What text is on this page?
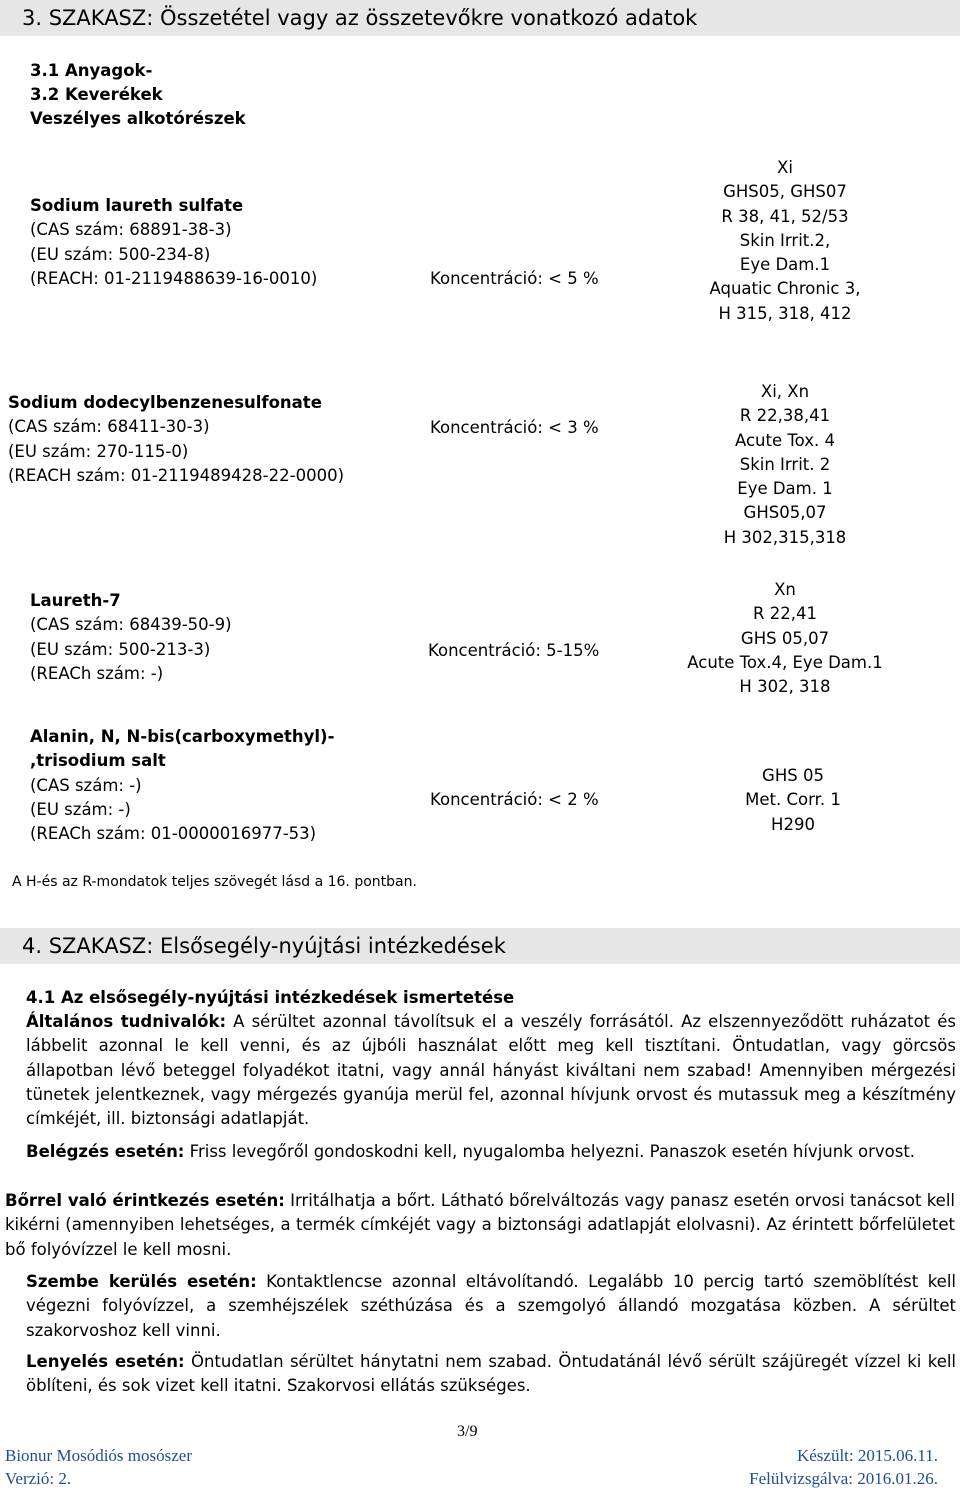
3. SZAKASZ: Összetétel vagy az összetevőkre vonatkozó adatok
3.1 Anyagok-
3.2 Keverékek
Veszélyes alkotórészek
Sodium laureth sulfate
(CAS szám: 68891-38-3)
(EU szám: 500-234-8)
(REACH: 01-2119488639-16-0010)	Koncentráció: < 5 %
Xi
GHS05, GHS07
R 38, 41, 52/53
Skin Irrit.2,
Eye Dam.1
Aquatic Chronic 3,
H 315, 318, 412
Sodium dodecylbenzenesulfonate
(CAS szám: 68411-30-3)
(EU szám: 270-115-0)
(REACH szám: 01-2119489428-22-0000)
Koncentráció: < 3 %
Xi, Xn
R 22,38,41
Acute Tox. 4
Skin Irrit. 2
Eye Dam. 1
GHS05,07
H 302,315,318
Laureth-7
(CAS szám: 68439-50-9)
(EU szám: 500-213-3)
(REACh szám: -)
Koncentráció: 5-15%
Xn
R 22,41
GHS 05,07
Acute Tox.4, Eye Dam.1
H 302, 318
Alanin, N, N-bis(carboxymethyl)-
,trisodium salt
(CAS szám: -)
(EU szám: -)
(REACh szám: 01-0000016977-53)
Koncentráció: < 2 %
GHS 05
Met. Corr. 1
H290
A H-és az R-mondatok teljes szövegét lásd a 16. pontban.
4. SZAKASZ: Elsősegély-nyújtási intézkedések
4.1 Az elsősegély-nyújtási intézkedések ismertetése
Általános tudnivalók: A sérültet azonnal távolítsuk el a veszély forrásától. Az elszennyeződött ruházatot és lábbelit azonnal le kell venni, és az újbóli használat előtt meg kell tisztítani. Öntudatlan, vagy görcsös állapotban lévő beteggel folyadékot itatni, vagy annál hányást kiváltani nem szabad! Amennyiben mérgezési tünetek jelentkeznek, vagy mérgezés gyanúja merül fel, azonnal hívjunk orvost és mutassuk meg a készítmény címkéjét, ill. biztonsági adatlapját.
Belégzés esetén: Friss levegőről gondoskodni kell, nyugalomba helyezni. Panaszok esetén hívjunk orvost.
Bőrrel való érintkezés esetén: Irritálhatja a bőrt. Látható bőrelváltozás vagy panasz esetén orvosi tanácsot kell kikérni (amennyiben lehetséges, a termék címkéjét vagy a biztonsági adatlapját elolvasni). Az érintett bőrfelületet bő folyóvízzel le kell mosni.
Szembe kerülés esetén: Kontaktlencse azonnal eltávolítandó. Legalább 10 percig tartó szemöblítést kell végezni folyóvízzel, a szemhéjszélek széthúzása és a szemgolyó állandó mozgatása közben. A sérültet szakorvoshoz kell vinni.
Lenyelés esetén: Öntudatlan sérültet hánytatni nem szabad. Öntudatánál lévő sérült szájüregét vízzel ki kell öblíteni, és sok vizet kell itatni. Szakorvosi ellátás szükséges.
3/9
Bionur Mosódiós mosószer
Verzió: 2.
Készült: 2015.06.11.
Felülvizsgálva: 2016.01.26.
